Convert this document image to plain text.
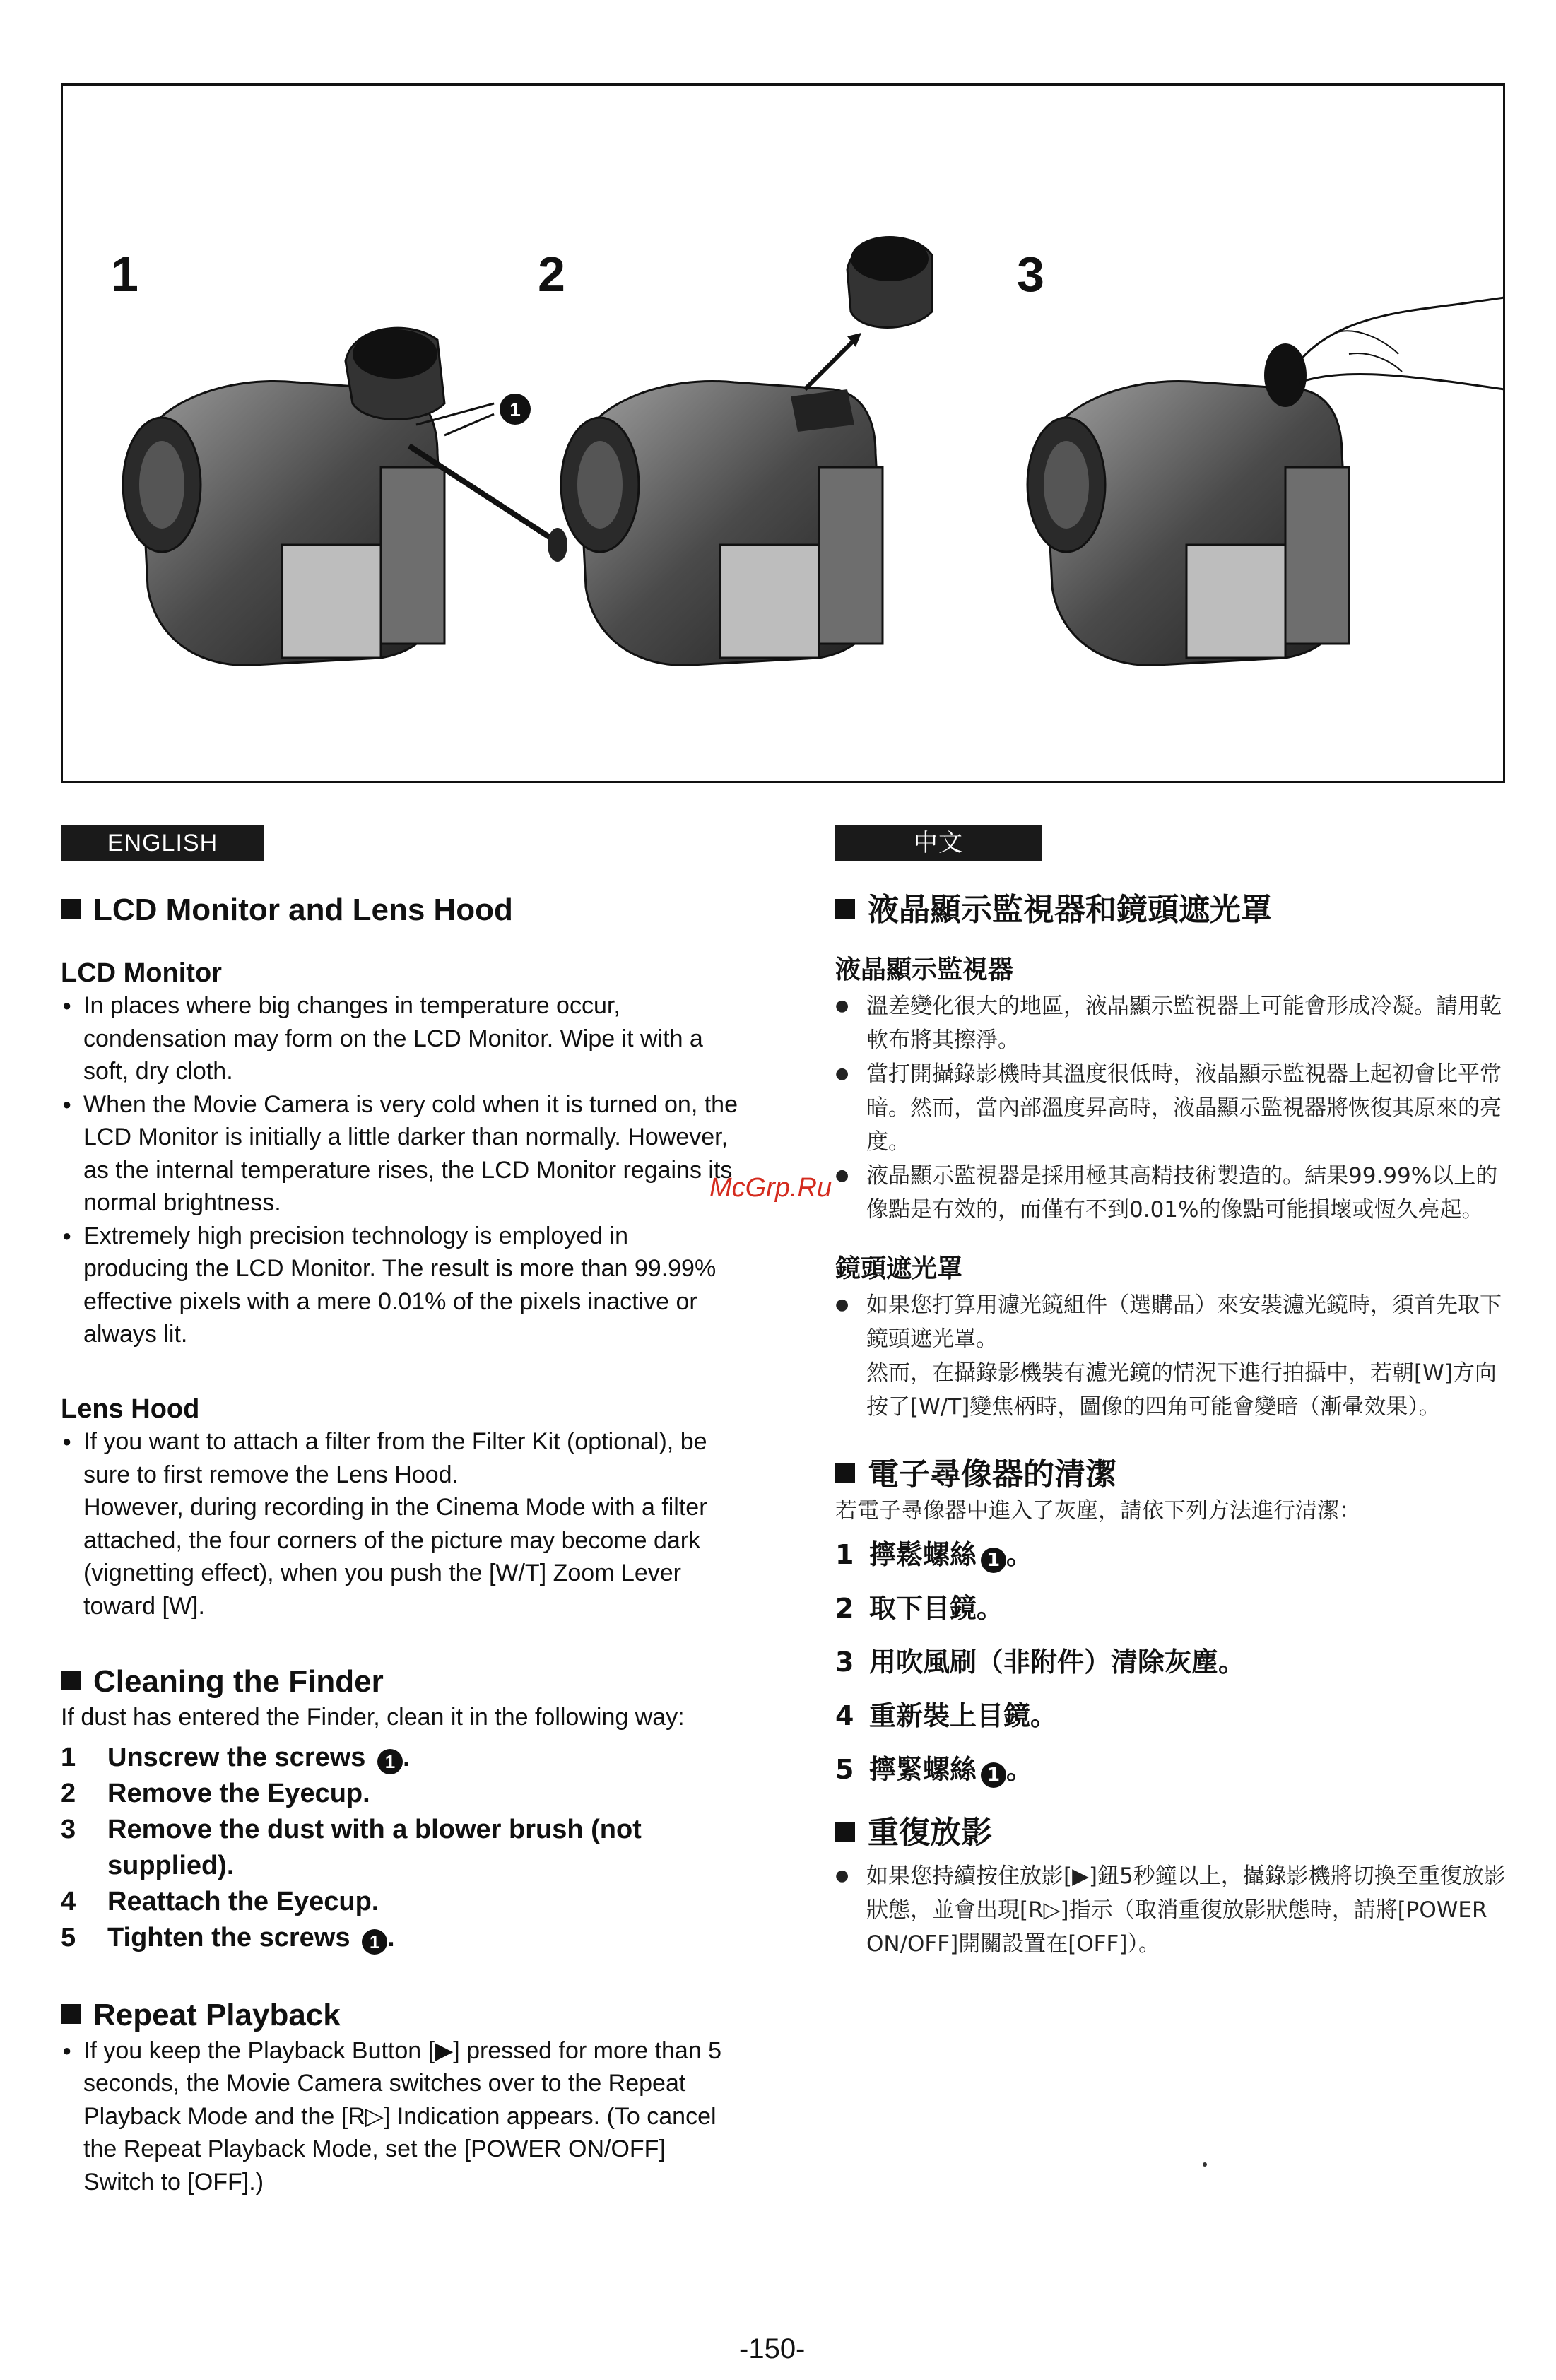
1	2	3
1
ENGLISH
LCD Monitor and Lens Hood
LCD Monitor
● In places where big changes in temperature occur, condensation may form on the LCD Monitor. Wipe it with a soft, dry cloth.
● When the Movie Camera is very cold when it is turned on, the LCD Monitor is initially a little darker than normally. However, as the internal temperature rises, the LCD Monitor regains its normal brightness.
● Extremely high precision technology is employed in producing the LCD Monitor. The result is more than 99.99% effective pixels with a mere 0.01% of the pixels inactive or always lit.
Lens Hood
● If you want to attach a filter from the Filter Kit (optional), be sure to first remove the Lens Hood.

However, during recording in the Cinema Mode with a filter attached, the four corners of the picture may become dark (vignetting effect), when you push the [W/T] Zoom Lever toward [W].

Cleaning the Finder

If dust has entered the Finder, clean it in the following way:

1 Unscrew the screws 1 .
2 Remove the Eyecup.
3 Remove the dust with a blower brush (not supplied).
4 Reattach the Eyecup.
5 Tighten the screws 1 .
Repeat Playback
● If you keep the Playback Button [▶] pressed for more than 5 seconds, the Movie Camera switches over to the Repeat Playback Mode and the [R▷] Indication appears. (To cancel the Repeat Playback Mode, set the [POWER ON/OFF] Switch to [OFF].)
McGrp.Ru
中文
液晶顯示監視器和鏡頭遮光罩
液晶顯示監視器
● 溫差變化很大的地區，液晶顯示監視器上可能會形成冷凝。請用乾軟布將其擦淨。
● 當打開攝錄影機時其溫度很低時，液晶顯示監視器上起初會比平常暗。然而，當內部溫度昇高時，液晶顯示監視器將恢復其原來的亮度。
● 液晶顯示監視器是採用極其高精技術製造的。結果99.99%以上的像點是有效的，而僅有不到0.01%的像點可能損壞或恆久亮起。
鏡頭遮光罩
● 如果您打算用濾光鏡組件（選購品）來安裝濾光鏡時，須首先取下鏡頭遮光罩。

然而，在攝錄影機裝有濾光鏡的情況下進行拍攝中，若朝[W]方向按了[W/T]變焦柄時，圖像的四角可能會變暗（漸暈效果）。

電子尋像器的清潔

若電子尋像器中進入了灰塵，請依下列方法進行清潔：

1 擰鬆螺絲 1 。
2 取下目鏡。
3 用吹風刷（非附件）清除灰塵。
4 重新裝上目鏡。
5 擰緊螺絲 1 。
重復放影
● 如果您持續按住放影[▶]鈕5秒鐘以上，攝錄影機將切換至重復放影狀態，並會出現[R▷]指示（取消重復放影狀態時，請將[POWER ON/OFF]開關設置在[OFF]）。
-150-
